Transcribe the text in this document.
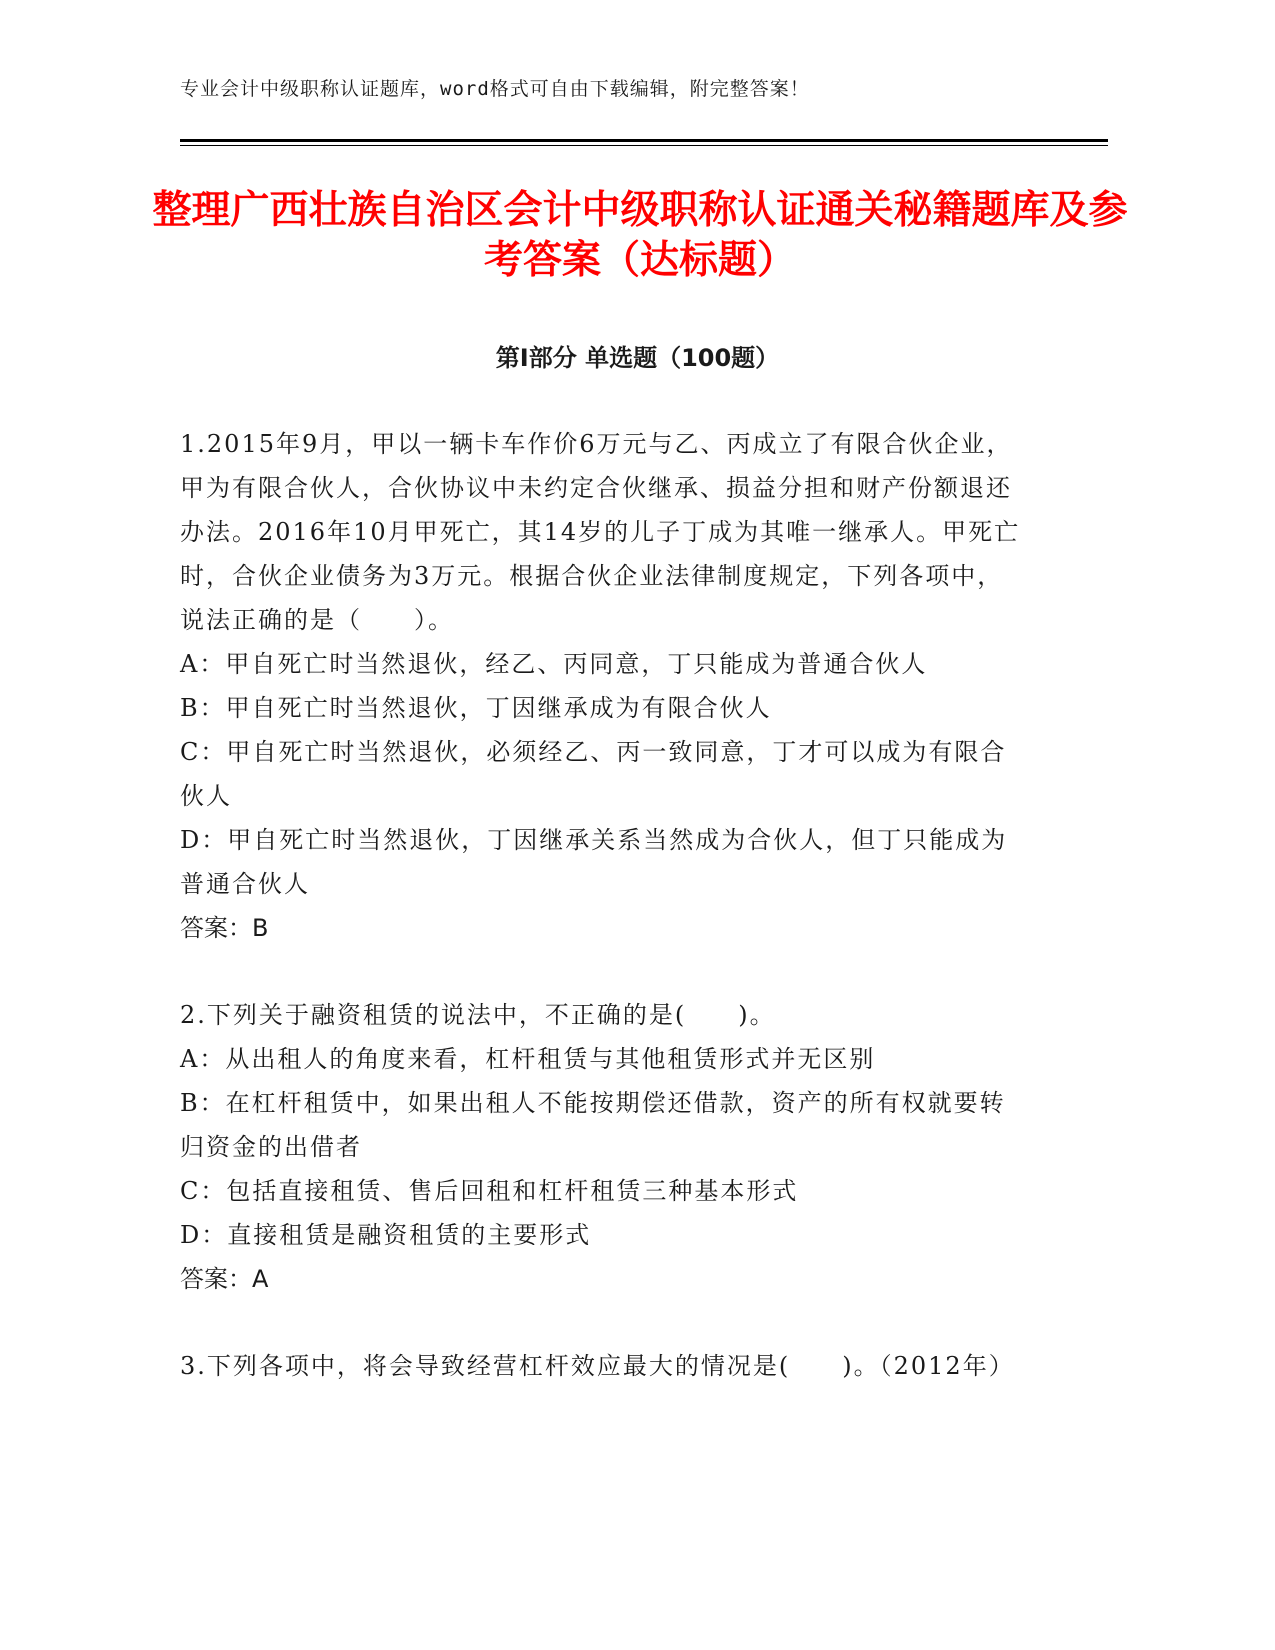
专业会计中级职称认证题库，word格式可自由下载编辑，附完整答案！
整理广西壮族自治区会计中级职称认证通关秘籍题库及参考答案（达标题）
第Ⅰ部分 单选题（100题）

1.2015年9月，甲以一辆卡车作价6万元与乙、丙成立了有限合伙企业，甲为有限合伙人，合伙协议中未约定合伙继承、损益分担和财产份额退还办法。2016年10月甲死亡，其14岁的儿子丁成为其唯一继承人。甲死亡时，合伙企业债务为3万元。根据合伙企业法律制度规定，下列各项中，说法正确的是（　　）。

A：甲自死亡时当然退伙，经乙、丙同意，丁只能成为普通合伙人

B：甲自死亡时当然退伙，丁因继承成为有限合伙人

C：甲自死亡时当然退伙，必须经乙、丙一致同意，丁才可以成为有限合伙人

D：甲自死亡时当然退伙，丁因继承关系当然成为合伙人，但丁只能成为普通合伙人

答案：B

2.下列关于融资租赁的说法中，不正确的是(　　)。

A：从出租人的角度来看，杠杆租赁与其他租赁形式并无区别

B：在杠杆租赁中，如果出租人不能按期偿还借款，资产的所有权就要转归资金的出借者

C：包括直接租赁、售后回租和杠杆租赁三种基本形式

D：直接租赁是融资租赁的主要形式

答案：A

3.下列各项中，将会导致经营杠杆效应最大的情况是(　　)。（2012年）
